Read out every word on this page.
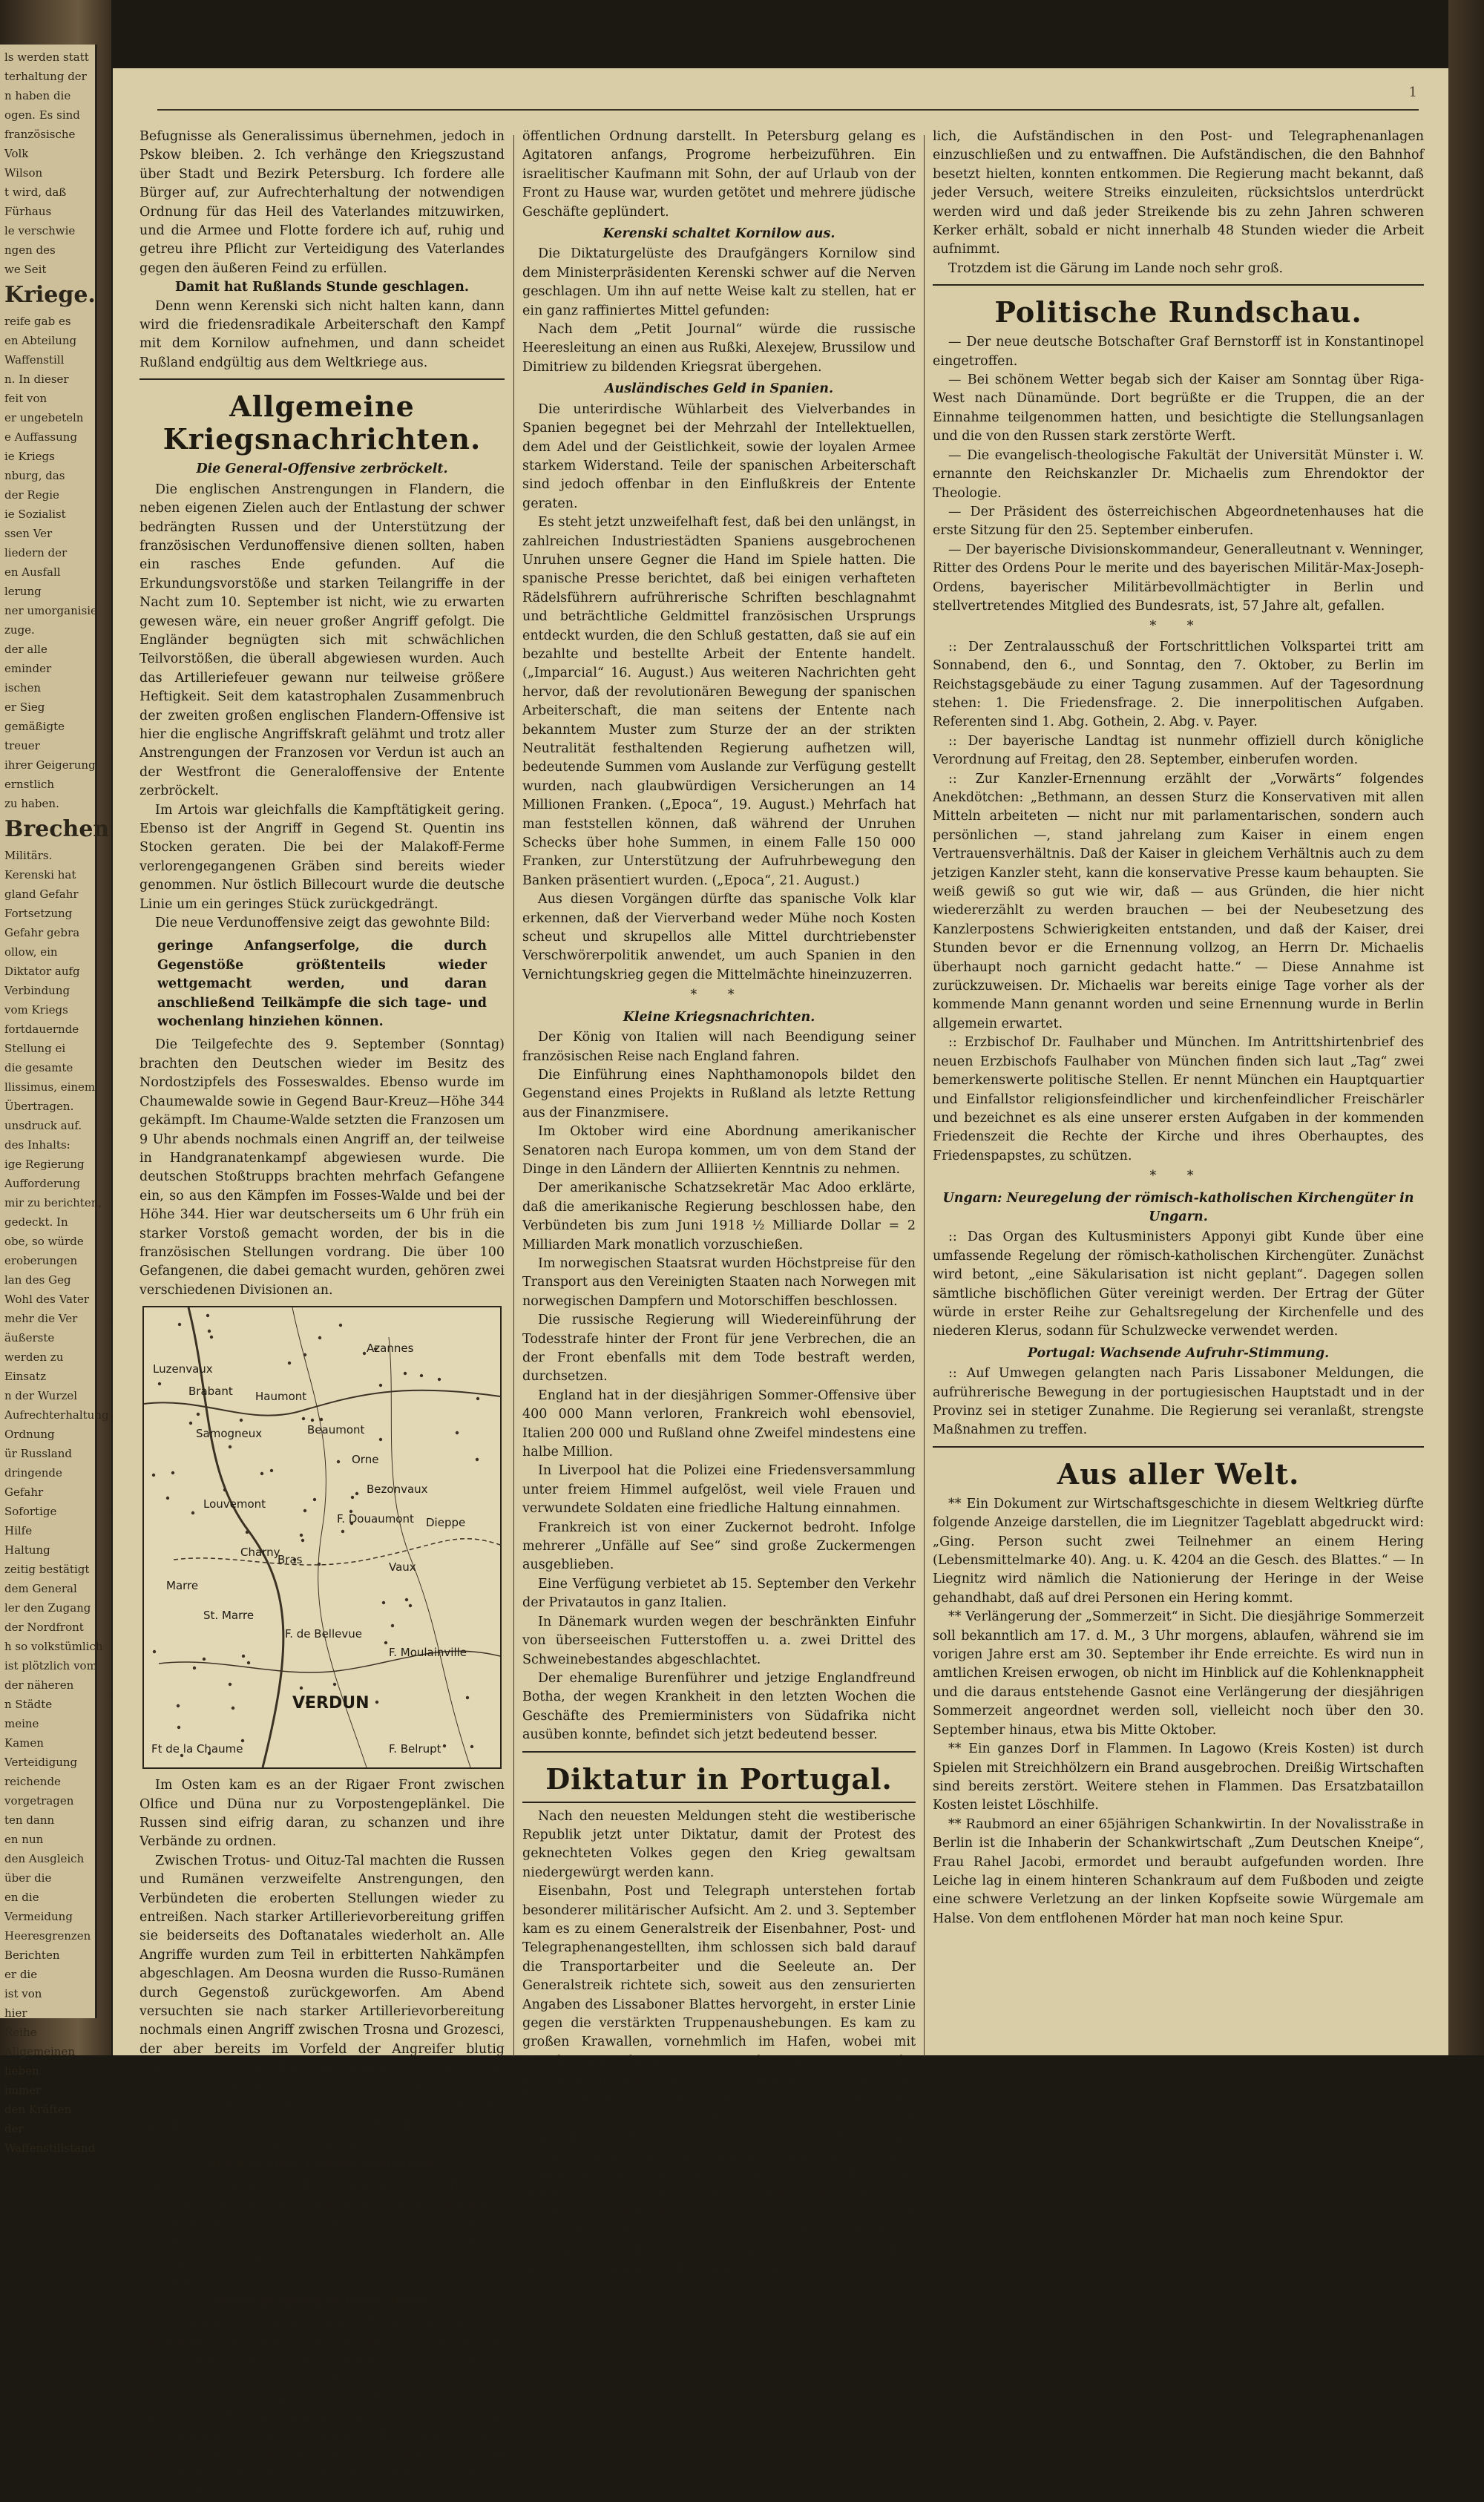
ls werden statt
terhaltung der
n haben die
ogen. Es sind
französische
Volk
Wilson
t wird, daß
Fürhaus
le verschwie
ngen des
we Seit
Kriege.
reife gab es
en Abteilung
Waffenstill
n. In dieser
feit von
er ungebeteln
e Auffassung
ie Kriegs
nburg, das
der Regie
ie Sozialist
ssen Ver
liedern der
en Ausfall
lerung
ner umorganisie
zuge.
der alle
eminder
ischen
er Sieg
gemäßigte
treuer
ihrer Geigerung
ernstlich
zu haben.
Brechen
Militärs.
Kerenski hat
gland Gefahr
Fortsetzung
Gefahr gebra
ollow, ein
Diktator aufg
Verbindung
vom Kriegs
fortdauernde
Stellung ei
die gesamte
llissimus, einem
Übertragen.
unsdruck auf.
des Inhalts:
ige Regierung
Aufforderung
mir zu berichten,
gedeckt. In
obe, so würde
eroberungen
lan des Geg
Wohl des Vater
mehr die Ver
äußerste
werden zu
Einsatz
n der Wurzel
Aufrechterhaltung
Ordnung
ür Russland
dringende
Gefahr
Sofortige
Hilfe
Haltung
zeitig bestätigt
dem General
ler den Zugang
der Nordfront
h so volkstümlich
ist plötzlich vom
der näheren
n Städte
meine
Kamen
Verteidigung
reichende
vorgetragen
ten dann
en nun
den Ausgleich
über die
en die
Vermeidung
Heeresgrenzen
Berichten
er die
ist von
hier
Reihe
Allgemeinen
lieben
immer
den Kräften
der
Waffenstillstand
1

Befugnisse als Generalissimus übernehmen, jedoch in Pskow bleiben. 2. Ich verhänge den Kriegszustand über Stadt und Bezirk Petersburg. Ich fordere alle Bürger auf, zur Aufrechterhaltung der notwendigen Ordnung für das Heil des Vaterlandes mitzuwirken, und die Armee und Flotte fordere ich auf, ruhig und getreu ihre Pflicht zur Verteidigung des Vaterlandes gegen den äußeren Feind zu erfüllen.

Damit hat Rußlands Stunde geschlagen.

Denn wenn Kerenski sich nicht halten kann, dann wird die friedensradikale Arbeiterschaft den Kampf mit dem Kornilow aufnehmen, und dann scheidet Rußland endgültig aus dem Weltkriege aus.

Allgemeine Kriegsnachrichten.

Die General-Offensive zerbröckelt.

Die englischen Anstrengungen in Flandern, die neben eigenen Zielen auch der Entlastung der schwer bedrängten Russen und der Unterstützung der französischen Verdunoffensive dienen sollten, haben ein rasches Ende gefunden. Auf die Erkundungsvorstöße und starken Teilangriffe in der Nacht zum 10. September ist nicht, wie zu erwarten gewesen wäre, ein neuer großer Angriff gefolgt. Die Engländer begnügten sich mit schwächlichen Teilvorstößen, die überall abgewiesen wurden. Auch das Artilleriefeuer gewann nur teilweise größere Heftigkeit. Seit dem katastrophalen Zusammenbruch der zweiten großen englischen Flandern-Offensive ist hier die englische Angriffskraft gelähmt und trotz aller Anstrengungen der Franzosen vor Verdun ist auch an der Westfront die Generaloffensive der Entente zerbröckelt.

Im Artois war gleichfalls die Kampftätigkeit gering. Ebenso ist der Angriff in Gegend St. Quentin ins Stocken geraten. Die bei der Malakoff-Ferme verlorengegangenen Gräben sind bereits wieder genommen. Nur östlich Billecourt wurde die deutsche Linie um ein geringes Stück zurückgedrängt.

Die neue Verdunoffensive zeigt das gewohnte Bild:

geringe Anfangserfolge, die durch Gegenstöße größtenteils wieder wettgemacht werden, und daran anschließend Teilkämpfe die sich tage- und wochenlang hinziehen können.

Die Teilgefechte des 9. September (Sonntag) brachten den Deutschen wieder im Besitz des Nordostzipfels des Fosseswaldes. Ebenso wurde im Chaumewalde sowie in Gegend Baur-Kreuz—Höhe 344 gekämpft. Im Chaume-Walde setzten die Franzosen um 9 Uhr abends nochmals einen Angriff an, der teilweise in Handgranatenkampf abgewiesen wurde. Die deutschen Stoßtrupps brachten mehrfach Gefangene ein, so aus den Kämpfen im Fosses-Walde und bei der Höhe 344. Hier war deutscherseits um 6 Uhr früh ein starker Vorstoß gemacht worden, der bis in die französischen Stellungen vordrang. Die über 100 Gefangenen, die dabei gemacht wurden, gehören zwei verschiedenen Divisionen an.

Luzenvaux
Azannes
Brabant Haumont
Samogneux	Beaumont
Orne
Louvemont
Bezonvaux
F. Douaumont Dieppe
Charny
Bras
Vaux
Marre
St. Marre
F. de Bellevue
F. Moulainville
VERDUN
Ft de la Chaume	F. Belrupt

Im Osten kam es an der Rigaer Front zwischen Olfice und Düna nur zu Vorpostengeplänkel. Die Russen sind eifrig daran, zu schanzen und ihre Verbände zu ordnen.

Zwischen Trotus- und Oituz-Tal machten die Russen und Rumänen verzweifelte Anstrengungen, den Verbündeten die eroberten Stellungen wieder zu entreißen. Nach starker Artillerievorbereitung griffen sie beiderseits des Doftanatales wiederholt an. Alle Angriffe wurden zum Teil in erbitterten Nahkämpfen abgeschlagen. Am Deosna wurden die Russo-Rumänen durch Gegenstoß zurückgeworfen. Am Abend versuchten sie nach starker Artillerievorbereitung nochmals einen Angriff zwischen Trosna und Grozesci, der aber bereits im Vorfeld der Angreifer blutig scheiterte. Wo die Russo-Rumänen sonst noch mit geringeren Kräften bis zur Kompagniestärke beiderseits des Casinu und nördlich des Susitatales angriffen versuchten, wurden sie überall bereits durch Sperrfeuer der Artillerie abgewiesen.

Des Kanzlers Friedenshoffnung.

Bei der Abreise des Reichskanzlers Dr. Michaelis von Stuttgart brachte eine große Menschenmenge Hochrufe aus. Der Reichskanzler trat an das offene Fenster und rief der Menge zu: Hoffen wir, daß wir noch in diesem Jahre Frieden bekommen. Diese Worte lösten neue Begeisterung aus.

Beunruhigung in Petersburg.

Das Pariser Regierungsblatt „Temps“ meldet aus Petersburg: Die militärische Niederlage verursacht in der Hauptstadt eine immer tiefergehende Beunruhigung, die zweifelhafte Elemente auszunützen versuchen. In Moskau bereisen die Kadettenpartei und die Sozial-Revolutionären in der Stadtduma Versammlungen, um dringliche Maßnahmen gegen den extremistischen Feldzug zu treffen, der zu Gewalttätigkeiten gegen die Juden aufreizt und die ernsthafte Gefährdung der

öffentlichen Ordnung darstellt. In Petersburg gelang es Agitatoren anfangs, Progrome herbeizuführen. Ein israelitischer Kaufmann mit Sohn, der auf Urlaub von der Front zu Hause war, wurden getötet und mehrere jüdische Geschäfte geplündert.

Kerenski schaltet Kornilow aus.

Die Diktaturgelüste des Draufgängers Kornilow sind dem Ministerpräsidenten Kerenski schwer auf die Nerven geschlagen. Um ihn auf nette Weise kalt zu stellen, hat er ein ganz raffiniertes Mittel gefunden:

Nach dem „Petit Journal“ würde die russische Heeresleitung an einen aus Rußki, Alexejew, Brussilow und Dimitriew zu bildenden Kriegsrat übergehen.

Ausländisches Geld in Spanien.

Die unterirdische Wühlarbeit des Vielverbandes in Spanien begegnet bei der Mehrzahl der Intellektuellen, dem Adel und der Geistlichkeit, sowie der loyalen Armee starkem Widerstand. Teile der spanischen Arbeiterschaft sind jedoch offenbar in den Einflußkreis der Entente geraten.

Es steht jetzt unzweifelhaft fest, daß bei den unlängst, in zahlreichen Industriestädten Spaniens ausgebrochenen Unruhen unsere Gegner die Hand im Spiele hatten. Die spanische Presse berichtet, daß bei einigen verhafteten Rädelsführern aufrührerische Schriften beschlagnahmt und beträchtliche Geldmittel französischen Ursprungs entdeckt wurden, die den Schluß gestatten, daß sie auf ein bezahlte und bestellte Arbeit der Entente handelt. („Imparcial“ 16. August.) Aus weiteren Nachrichten geht hervor, daß der revolutionären Bewegung der spanischen Arbeiterschaft, die man seitens der Entente nach bekanntem Muster zum Sturze der an der strikten Neutralität festhaltenden Regierung aufhetzen will, bedeutende Summen vom Auslande zur Verfügung gestellt wurden, nach glaubwürdigen Versicherungen an 14 Millionen Franken. („Epoca“, 19. August.) Mehrfach hat man feststellen können, daß während der Unruhen Schecks über hohe Summen, in einem Falle 150 000 Franken, zur Unterstützung der Aufruhrbewegung den Banken präsentiert wurden. („Epoca“, 21. August.)

Aus diesen Vorgängen dürfte das spanische Volk klar erkennen, daß der Vierverband weder Mühe noch Kosten scheut und skrupellos alle Mittel durchtriebenster Verschwörerpolitik anwendet, um auch Spanien in den Vernichtungskrieg gegen die Mittelmächte hineinzuzerren.

* *

Kleine Kriegsnachrichten.

Der König von Italien will nach Beendigung seiner französischen Reise nach England fahren.

Die Einführung eines Naphthamonopols bildet den Gegenstand eines Projekts in Rußland als letzte Rettung aus der Finanzmisere.

Im Oktober wird eine Abordnung amerikanischer Senatoren nach Europa kommen, um von dem Stand der Dinge in den Ländern der Alliierten Kenntnis zu nehmen.

Der amerikanische Schatzsekretär Mac Adoo erklärte, daß die amerikanische Regierung beschlossen habe, den Verbündeten bis zum Juni 1918 ½ Milliarde Dollar = 2 Milliarden Mark monatlich vorzuschießen.

Im norwegischen Staatsrat wurden Höchstpreise für den Transport aus den Vereinigten Staaten nach Norwegen mit norwegischen Dampfern und Motorschiffen beschlossen.

Die russische Regierung will Wiedereinführung der Todesstrafe hinter der Front für jene Verbrechen, die an der Front ebenfalls mit dem Tode bestraft werden, durchsetzen.

England hat in der diesjährigen Sommer-Offensive über 400 000 Mann verloren, Frankreich wohl ebensoviel, Italien 200 000 und Rußland ohne Zweifel mindestens eine halbe Million.

In Liverpool hat die Polizei eine Friedensversammlung unter freiem Himmel aufgelöst, weil viele Frauen und verwundete Soldaten eine friedliche Haltung einnahmen.

Frankreich ist von einer Zuckernot bedroht. Infolge mehrerer „Unfälle auf See“ sind große Zuckermengen ausgeblieben.

Eine Verfügung verbietet ab 15. September den Verkehr der Privatautos in ganz Italien.

In Dänemark wurden wegen der beschränkten Einfuhr von überseeischen Futterstoffen u. a. zwei Drittel des Schweinebestandes abgeschlachtet.

Der ehemalige Burenführer und jetzige Englandfreund Botha, der wegen Krankheit in den letzten Wochen die Geschäfte des Premierministers von Südafrika nicht ausüben konnte, befindet sich jetzt bedeutend besser.

Diktatur in Portugal.

Nach den neuesten Meldungen steht die westiberische Republik jetzt unter Diktatur, damit der Protest des geknechteten Volkes gegen den Krieg gewaltsam niedergewürgt werden kann.

Eisenbahn, Post und Telegraph unterstehen fortab besonderer militärischer Aufsicht. Am 2. und 3. September kam es zu einem Generalstreik der Eisenbahner, Post- und Telegraphenangestellten, ihm schlossen sich bald darauf die Transportarbeiter und die Seeleute an. Der Generalstreik richtete sich, soweit aus den zensurierten Angaben des Lissaboner Blattes hervorgeht, in erster Linie gegen die verstärkten Truppenaushebungen. Es kam zu großen Krawallen, vornehmlich im Hafen, wobei mit Maschinengewehren geschossen wurde. Regierungstruppen besetzten Hauptpost und das Telegraphenamt, wurden aber von hier durch die Aufständischen vertrieben und mußten schließlich auch den Bahnhof räumen. Die portugiesische Flotte machte Miene, sich den Aufständischen anzuschließen. Sie wurde jedoch durch den englischen Gesandten eines „Besseren“ belehrt, der ihr eine Erklärung funken ließ, daß jeder Versuch der portugiesischen Flotte, einen Putsch zu veranstalten, durch die englische Flotte unterdrückt werden würde. In der Nacht vom 2. zum 3. September hielten die Kämpfe an. Es gelang schließ-

lich, die Aufständischen in den Post- und Telegraphenanlagen einzuschließen und zu entwaffnen. Die Aufständischen, die den Bahnhof besetzt hielten, konnten entkommen. Die Regierung macht bekannt, daß jeder Versuch, weitere Streiks einzuleiten, rücksichtslos unterdrückt werden wird und daß jeder Streikende bis zu zehn Jahren schweren Kerker erhält, sobald er nicht innerhalb 48 Stunden wieder die Arbeit aufnimmt.

Trotzdem ist die Gärung im Lande noch sehr groß.

Politische Rundschau.

— Der neue deutsche Botschafter Graf Bernstorff ist in Konstantinopel eingetroffen.

— Bei schönem Wetter begab sich der Kaiser am Sonntag über Riga-West nach Dünamünde. Dort begrüßte er die Truppen, die an der Einnahme teilgenommen hatten, und besichtigte die Stellungsanlagen und die von den Russen stark zerstörte Werft.

— Die evangelisch-theologische Fakultät der Universität Münster i. W. ernannte den Reichskanzler Dr. Michaelis zum Ehrendoktor der Theologie.

— Der Präsident des österreichischen Abgeordnetenhauses hat die erste Sitzung für den 25. September einberufen.

— Der bayerische Divisionskommandeur, Generalleutnant v. Wenninger, Ritter des Ordens Pour le merite und des bayerischen Militär-Max-Joseph-Ordens, bayerischer Militärbevollmächtigter in Berlin und stellvertretendes Mitglied des Bundesrats, ist, 57 Jahre alt, gefallen.

* *

:: Der Zentralausschuß der Fortschrittlichen Volkspartei tritt am Sonnabend, den 6., und Sonntag, den 7. Oktober, zu Berlin im Reichstagsgebäude zu einer Tagung zusammen. Auf der Tagesordnung stehen: 1. Die Friedensfrage. 2. Die innerpolitischen Aufgaben. Referenten sind 1. Abg. Gothein, 2. Abg. v. Payer.

:: Der bayerische Landtag ist nunmehr offiziell durch königliche Verordnung auf Freitag, den 28. September, einberufen worden.

:: Zur Kanzler-Ernennung erzählt der „Vorwärts“ folgendes Anekdötchen: „Bethmann, an dessen Sturz die Konservativen mit allen Mitteln arbeiteten — nicht nur mit parlamentarischen, sondern auch persönlichen —, stand jahrelang zum Kaiser in einem engen Vertrauensverhältnis. Daß der Kaiser in gleichem Verhältnis auch zu dem jetzigen Kanzler steht, kann die konservative Presse kaum behaupten. Sie weiß gewiß so gut wie wir, daß — aus Gründen, die hier nicht wiedererzählt zu werden brauchen — bei der Neubesetzung des Kanzlerpostens Schwierigkeiten entstanden, und daß der Kaiser, drei Stunden bevor er die Ernennung vollzog, an Herrn Dr. Michaelis überhaupt noch garnicht gedacht hatte.“ — Diese Annahme ist zurückzuweisen. Dr. Michaelis war bereits einige Tage vorher als der kommende Mann genannt worden und seine Ernennung wurde in Berlin allgemein erwartet.

:: Erzbischof Dr. Faulhaber und München. Im Antrittshirtenbrief des neuen Erzbischofs Faulhaber von München finden sich laut „Tag“ zwei bemerkenswerte politische Stellen. Er nennt München ein Hauptquartier und Einfallstor religionsfeindlicher und kirchenfeindlicher Freischärler und bezeichnet es als eine unserer ersten Aufgaben in der kommenden Friedenszeit die Rechte der Kirche und ihres Oberhauptes, des Friedenspapstes, zu schützen.

* *

Ungarn: Neuregelung der römisch-katholischen Kirchengüter in Ungarn.

:: Das Organ des Kultusministers Apponyi gibt Kunde über eine umfassende Regelung der römisch-katholischen Kirchengüter. Zunächst wird betont, „eine Säkularisation ist nicht geplant“. Dagegen sollen sämtliche bischöflichen Güter vereinigt werden. Der Ertrag der Güter würde in erster Reihe zur Gehaltsregelung der Kirchenfelle und des niederen Klerus, sodann für Schulzwecke verwendet werden.

Portugal: Wachsende Aufruhr-Stimmung.

:: Auf Umwegen gelangten nach Paris Lissaboner Meldungen, die aufrührerische Bewegung in der portugiesischen Hauptstadt und in der Provinz sei in stetiger Zunahme. Die Regierung sei veranlaßt, strengste Maßnahmen zu treffen.

Aus aller Welt.

** Ein Dokument zur Wirtschaftsgeschichte in diesem Weltkrieg dürfte folgende Anzeige darstellen, die im Liegnitzer Tageblatt abgedruckt wird: „Ging. Person sucht zwei Teilnehmer an einem Hering (Lebensmittelmarke 40). Ang. u. K. 4204 an die Gesch. des Blattes.“ — In Liegnitz wird nämlich die Nationierung der Heringe in der Weise gehandhabt, daß auf drei Personen ein Hering kommt.

** Verlängerung der „Sommerzeit“ in Sicht. Die diesjährige Sommerzeit soll bekanntlich am 17. d. M., 3 Uhr morgens, ablaufen, während sie im vorigen Jahre erst am 30. September ihr Ende erreichte. Es wird nun in amtlichen Kreisen erwogen, ob nicht im Hinblick auf die Kohlenknappheit und die daraus entstehende Gasnot eine Verlängerung der diesjährigen Sommerzeit angeordnet werden soll, vielleicht noch über den 30. September hinaus, etwa bis Mitte Oktober.

** Ein ganzes Dorf in Flammen. In Lagowo (Kreis Kosten) ist durch Spielen mit Streichhölzern ein Brand ausgebrochen. Dreißig Wirtschaften sind bereits zerstört. Weitere stehen in Flammen. Das Ersatzbataillon Kosten leistet Löschhilfe.

** Raubmord an einer 65jährigen Schankwirtin. In der Novalisstraße in Berlin ist die Inhaberin der Schankwirtschaft „Zum Deutschen Kneipe“, Frau Rahel Jacobi, ermordet und beraubt aufgefunden worden. Ihre Leiche lag in einem hinteren Schankraum auf dem Fußboden und zeigte eine schwere Verletzung an der linken Kopfseite sowie Würgemale am Halse. Von dem entflohenen Mörder hat man noch keine Spur.
